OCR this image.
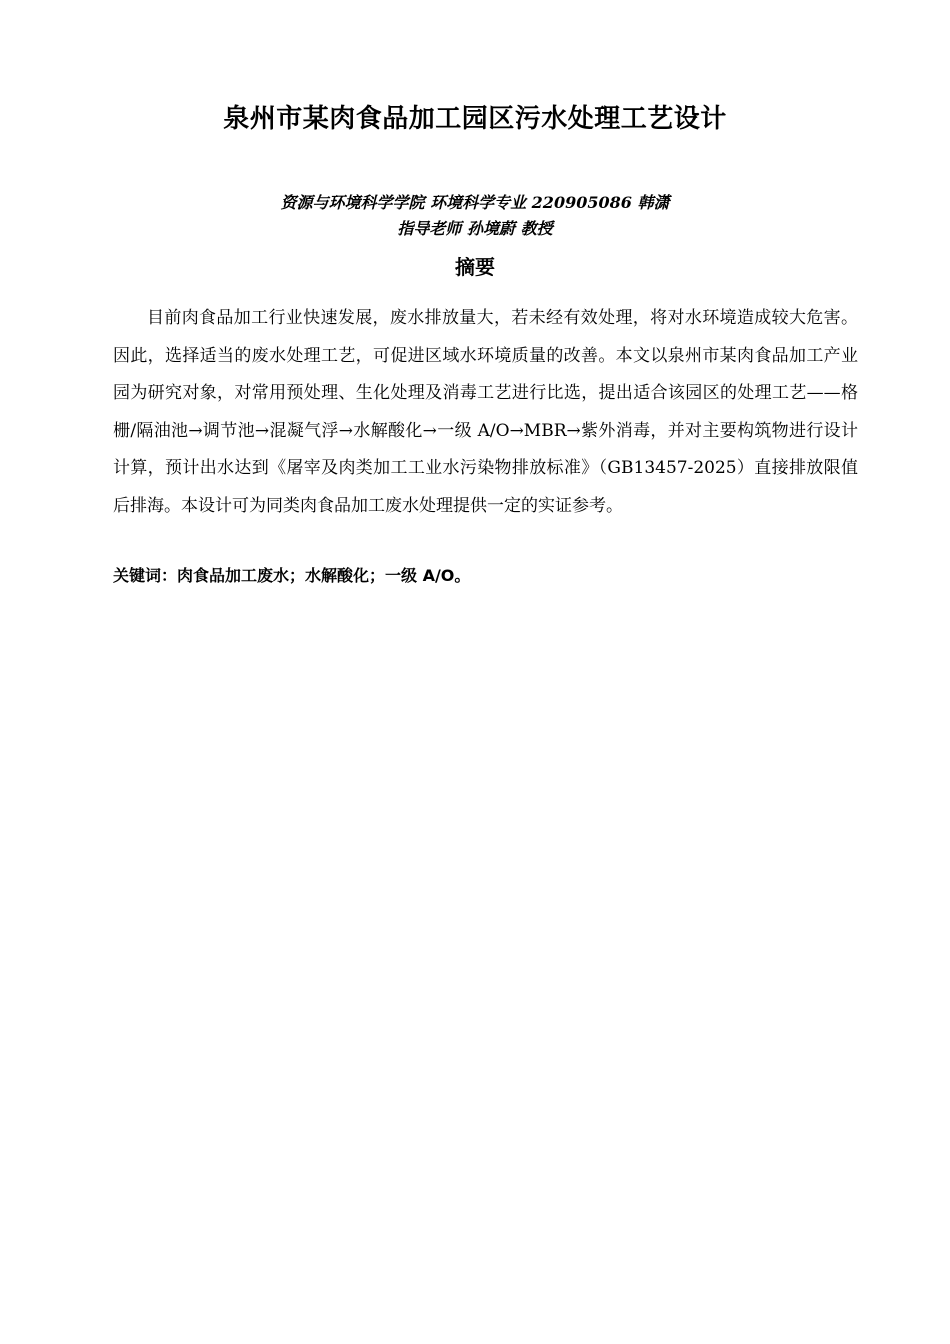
泉州市某肉食品加工园区污水处理工艺设计
资源与环境科学学院 环境科学专业 220905086 韩潇
指导老师 孙境蔚 教授
摘要

目前肉食品加工行业快速发展，废水排放量大，若未经有效处理，将对水环境造成较大危害。因此，选择适当的废水处理工艺，可促进区域水环境质量的改善。本文以泉州市某肉食品加工产业园为研究对象，对常用预处理、生化处理及消毒工艺进行比选，提出适合该园区的处理工艺——格栅/隔油池→调节池→混凝气浮→水解酸化→一级 A/O→MBR→紫外消毒，并对主要构筑物进行设计计算，预计出水达到《屠宰及肉类加工工业水污染物排放标准》（GB13457-2025）直接排放限值后排海。本设计可为同类肉食品加工废水处理提供一定的实证参考。

关键词：肉食品加工废水；水解酸化；一级 A/O。
